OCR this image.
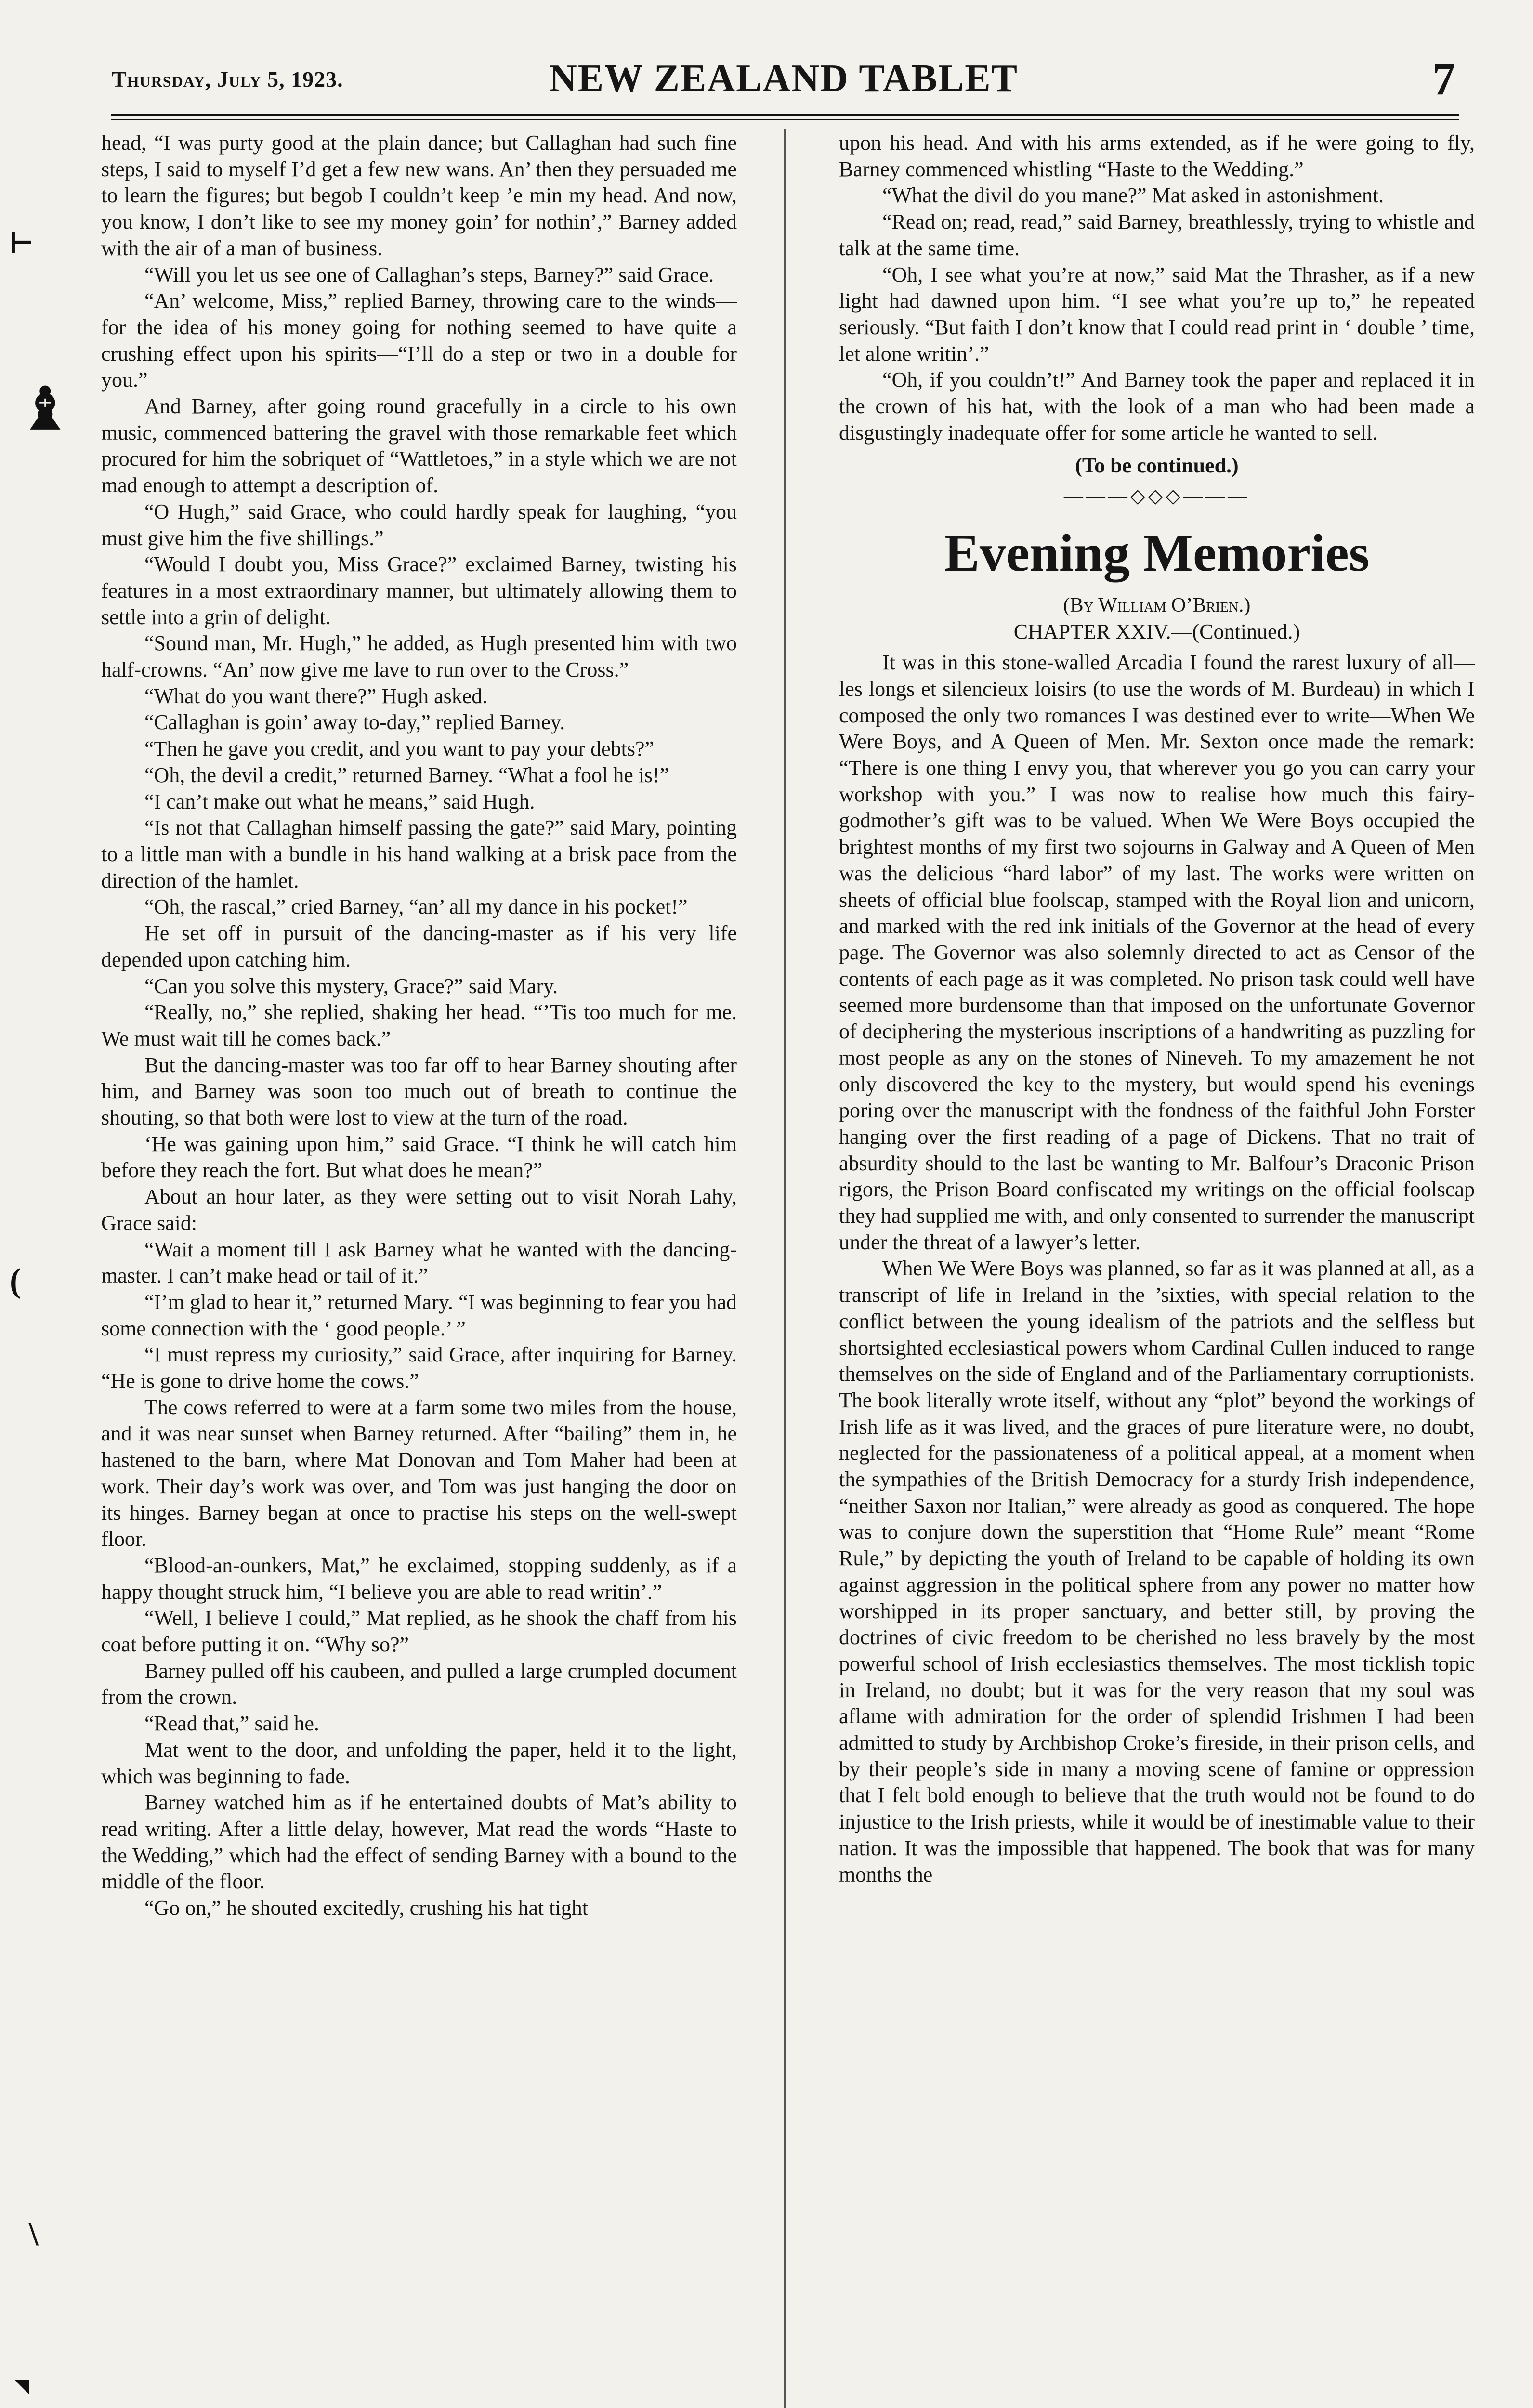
Thursday, July 5, 1923.	NEW ZEALAND TABLET	7

head, “I was purty good at the plain dance; but Callaghan had such fine steps, I said to myself I’d get a few new wans. An’ then they persuaded me to learn the figures; but begob I couldn’t keep ’e min my head. And now, you know, I don’t like to see my money goin’ for nothin’,” Barney added with the air of a man of business.

“Will you let us see one of Callaghan’s steps, Barney?” said Grace.

“An’ welcome, Miss,” replied Barney, throwing care to the winds—for the idea of his money going for nothing seemed to have quite a crushing effect upon his spirits—“I’ll do a step or two in a double for you.”

And Barney, after going round gracefully in a circle to his own music, commenced battering the gravel with those remarkable feet which procured for him the sobriquet of “Wattletoes,” in a style which we are not mad enough to attempt a description of.

“O Hugh,” said Grace, who could hardly speak for laughing, “you must give him the five shillings.”

“Would I doubt you, Miss Grace?” exclaimed Barney, twisting his features in a most extraordinary manner, but ultimately allowing them to settle into a grin of delight.

“Sound man, Mr. Hugh,” he added, as Hugh presented him with two half-crowns. “An’ now give me lave to run over to the Cross.”

“What do you want there?” Hugh asked.

“Callaghan is goin’ away to-day,” replied Barney.

“Then he gave you credit, and you want to pay your debts?”

“Oh, the devil a credit,” returned Barney. “What a fool he is!”

“I can’t make out what he means,” said Hugh.

“Is not that Callaghan himself passing the gate?” said Mary, pointing to a little man with a bundle in his hand walking at a brisk pace from the direction of the hamlet.

“Oh, the rascal,” cried Barney, “an’ all my dance in his pocket!”

He set off in pursuit of the dancing-master as if his very life depended upon catching him.

“Can you solve this mystery, Grace?” said Mary.

“Really, no,” she replied, shaking her head. “’Tis too much for me. We must wait till he comes back.”

But the dancing-master was too far off to hear Barney shouting after him, and Barney was soon too much out of breath to continue the shouting, so that both were lost to view at the turn of the road.

‘He was gaining upon him,” said Grace. “I think he will catch him before they reach the fort. But what does he mean?”

About an hour later, as they were setting out to visit Norah Lahy, Grace said:

“Wait a moment till I ask Barney what he wanted with the dancing-master. I can’t make head or tail of it.”

“I’m glad to hear it,” returned Mary. “I was beginning to fear you had some connection with the ‘ good people.’ ”

“I must repress my curiosity,” said Grace, after inquiring for Barney. “He is gone to drive home the cows.”

The cows referred to were at a farm some two miles from the house, and it was near sunset when Barney returned. After “bailing” them in, he hastened to the barn, where Mat Donovan and Tom Maher had been at work. Their day’s work was over, and Tom was just hanging the door on its hinges. Barney began at once to practise his steps on the well-swept floor.

“Blood-an-ounkers, Mat,” he exclaimed, stopping suddenly, as if a happy thought struck him, “I believe you are able to read writin’.”

“Well, I believe I could,” Mat replied, as he shook the chaff from his coat before putting it on. “Why so?”

Barney pulled off his caubeen, and pulled a large crumpled document from the crown.

“Read that,” said he.

Mat went to the door, and unfolding the paper, held it to the light, which was beginning to fade.

Barney watched him as if he entertained doubts of Mat’s ability to read writing. After a little delay, however, Mat read the words “Haste to the Wedding,” which had the effect of sending Barney with a bound to the middle of the floor.

“Go on,” he shouted excitedly, crushing his hat tight

upon his head. And with his arms extended, as if he were going to fly, Barney commenced whistling “Haste to the Wedding.”

“What the divil do you mane?” Mat asked in astonishment.

“Read on; read, read,” said Barney, breathlessly, trying to whistle and talk at the same time.

“Oh, I see what you’re at now,” said Mat the Thrasher, as if a new light had dawned upon him. “I see what you’re up to,” he repeated seriously. “But faith I don’t know that I could read print in ‘ double ’ time, let alone writin’.”

“Oh, if you couldn’t!” And Barney took the paper and replaced it in the crown of his hat, with the look of a man who had been made a disgustingly inadequate offer for some article he wanted to sell.

(To be continued.)
———◇◇◇———
Evening Memories
(By William O’Brien.)
CHAPTER XXIV.—(Continued.)

It was in this stone-walled Arcadia I found the rarest luxury of all—les longs et silencieux loisirs (to use the words of M. Burdeau) in which I composed the only two romances I was destined ever to write—When We Were Boys, and A Queen of Men. Mr. Sexton once made the remark: “There is one thing I envy you, that wherever you go you can carry your workshop with you.” I was now to realise how much this fairy-godmother’s gift was to be valued. When We Were Boys occupied the brightest months of my first two sojourns in Galway and A Queen of Men was the delicious “hard labor” of my last. The works were written on sheets of official blue foolscap, stamped with the Royal lion and unicorn, and marked with the red ink initials of the Governor at the head of every page. The Governor was also solemnly directed to act as Censor of the contents of each page as it was completed. No prison task could well have seemed more burdensome than that imposed on the unfortunate Governor of deciphering the mysterious inscriptions of a handwriting as puzzling for most people as any on the stones of Nineveh. To my amazement he not only discovered the key to the mystery, but would spend his evenings poring over the manuscript with the fondness of the faithful John Forster hanging over the first reading of a page of Dickens. That no trait of absurdity should to the last be wanting to Mr. Balfour’s Draconic Prison rigors, the Prison Board confiscated my writings on the official foolscap they had supplied me with, and only consented to surrender the manuscript under the threat of a lawyer’s letter.

When We Were Boys was planned, so far as it was planned at all, as a transcript of life in Ireland in the ’sixties, with special relation to the conflict between the young idealism of the patriots and the selfless but shortsighted ecclesiastical powers whom Cardinal Cullen induced to range themselves on the side of England and of the Parliamentary corruptionists. The book literally wrote itself, without any “plot” beyond the workings of Irish life as it was lived, and the graces of pure literature were, no doubt, neglected for the passionateness of a political appeal, at a moment when the sympathies of the British Democracy for a sturdy Irish independence, “neither Saxon nor Italian,” were already as good as conquered. The hope was to conjure down the superstition that “Home Rule” meant “Rome Rule,” by depicting the youth of Ireland to be capable of holding its own against aggression in the political sphere from any power no matter how worshipped in its proper sanctuary, and better still, by proving the doctrines of civic freedom to be cherished no less bravely by the most powerful school of Irish ecclesiastics themselves. The most ticklish topic in Ireland, no doubt; but it was for the very reason that my soul was aflame with admiration for the order of splendid Irishmen I had been admitted to study by Archbishop Croke’s fireside, in their prison cells, and by their people’s side in many a moving scene of famine or oppression that I felt bold enough to believe that the truth would not be found to do injustice to the Irish priests, while it would be of inestimable value to their nation. It was the impossible that happened. The book that was for many months the

⊢
♝
(
\
◥
